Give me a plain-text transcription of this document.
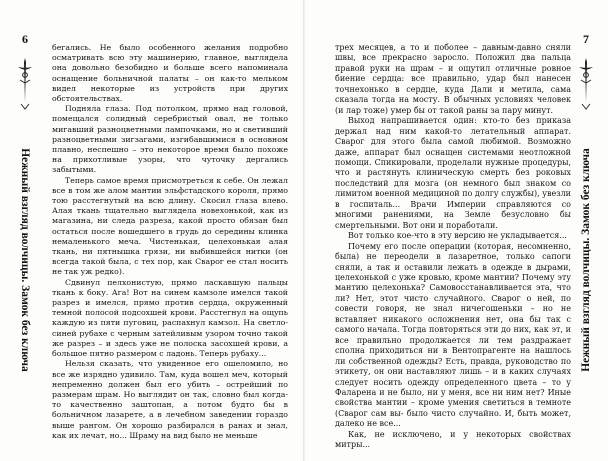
6
Нежный взгляд волчицы. Замок без ключа

бегались. Не было особенного желания подробно осматривать всю эту машинерию, главное, выглядела она довольно безобидно и больше всего напоминала оснащение больничной палаты – он как-то мельком видел некоторые из устройств при других обстоятельствах.

Подняла глаза. Под потолком, прямо над головой, помещался солидный серебристый овал, не только мигавший разноцветными лампочками, но и светивший разноцветными зигзагами, изгибавшимися в основном плавно, неспешно – это некоторое время было похоже на прихотливые узоры, что чуточку дергались забытыми.

Теперь самое время присмотреться к себе. Он лежал все в том же алом мантии эльфстадского короля, прямо тою расстегнутый на всю длину. Скосил глаза влево. Алая ткань тщательно выглядела новехонькой, как из магазина, ни следа разреза, какой просто обязан был остаться после вошедшего в грудь до середины клинка немаленького меча. Чистенькая, целехонькая алая ткань, ни пятнышка грязи, ни выбившейся нитки (он всегда такой была, с тех пор, как Сварог ее стал носить не так уж редко).

Сдвинул пелхонистую, прямо ласкавшую пальцы ткань к боку. Ага! Вот на синем камзоле имелся такой разрез и имелся, прямо против сердца, окруженный темной полосой подсохшей крови. Расстегнул на ощупь каждую из пяти пуговиц, распахнул камзол. На светло-синей рубахе с черным затейливым узором точно такой же разрез – и здесь уже не полоска засохшей крови, а большое пятно размером с ладонь. Теперь рубаху...

Нельзя сказать, что увиденное его ошеломило, но все же изрядно удивило. Там, куда вошел меч, который непременно должен был его убить – острейший по размерам шрам. Но выглядит он так, словно был когда-то качественно заштопан, а потом будто бы в больничном лазарете, а в лечебном заведении гораздо выше рангом. Он хорошо разбирался в ранах и знал, как их лечат, но... Шраму на вид было не меньше

трех месяцев, а то и поболее – давным-давно сняли швы, все прекрасно заросло. Положил два пальца правой руки на шрам – и ощутил отличные ровное биение сердца: все правильно, удар был нанесен точнехонько в сердце, куда Дали и метила, сама сказала тогда на мосту. В обычных условиях человек (и лар тоже) умер бы от такой раны за пару минут.

Выход напрашивается один: кто-то без приказа держал над ним какой-то летательный аппарат. Сварог для этого была самой любимой. Возможно даже, аппарат был оснащен системами неотложной помощи. Спикировали, проделали нужные процедуры, что и растянуть клиническую смерть без роковых последствий для мозга (он немного был знаком со лимитом военной медициной по долгу службы), увезли в госпиталь... Врачи Империи справляются со многими ранениями, на Земле безусловно бы смертельными. Вот они и поработали.

Вот только кое-что в эту версию не укладывается...

Почему его после операции (которая, несомненно, была) не переодели в лазаретное, только сапоги сняли, а так и оставили лежать в одежде в дырами, целехонькой с уже кровью, кроме мантии? Почему эту мантию целехонька? Самовосстанавливается эта, что ли? Нет, этот чисто случайного. Сварог о ней, по совести говоря, не знал ничегошеньки – но не вставляет никакого осложнения нет, она бы так с самого начала. Тогда повторяться эти до них, как эт, и все правильно продолжается ли тем раздражает сполна приходиться ни в Вентопрагенте на нашлось ли собственной одежды? Есть, правда, руководство по этикету, он они наставляют лишь – и в каких случаях следует носить одежду определенного цвета – то у Фаларена и не было, ни у меня, все ни ним нет? Иные свойства мантии – кроме умения светиться в темноте (Сварог сам вы- было чисто случайно. И, быть может, далеко не все...

Как, не исключено, и у некоторых свойствах митры...

7
Нежный взгляд волчицы. Замок без ключа
